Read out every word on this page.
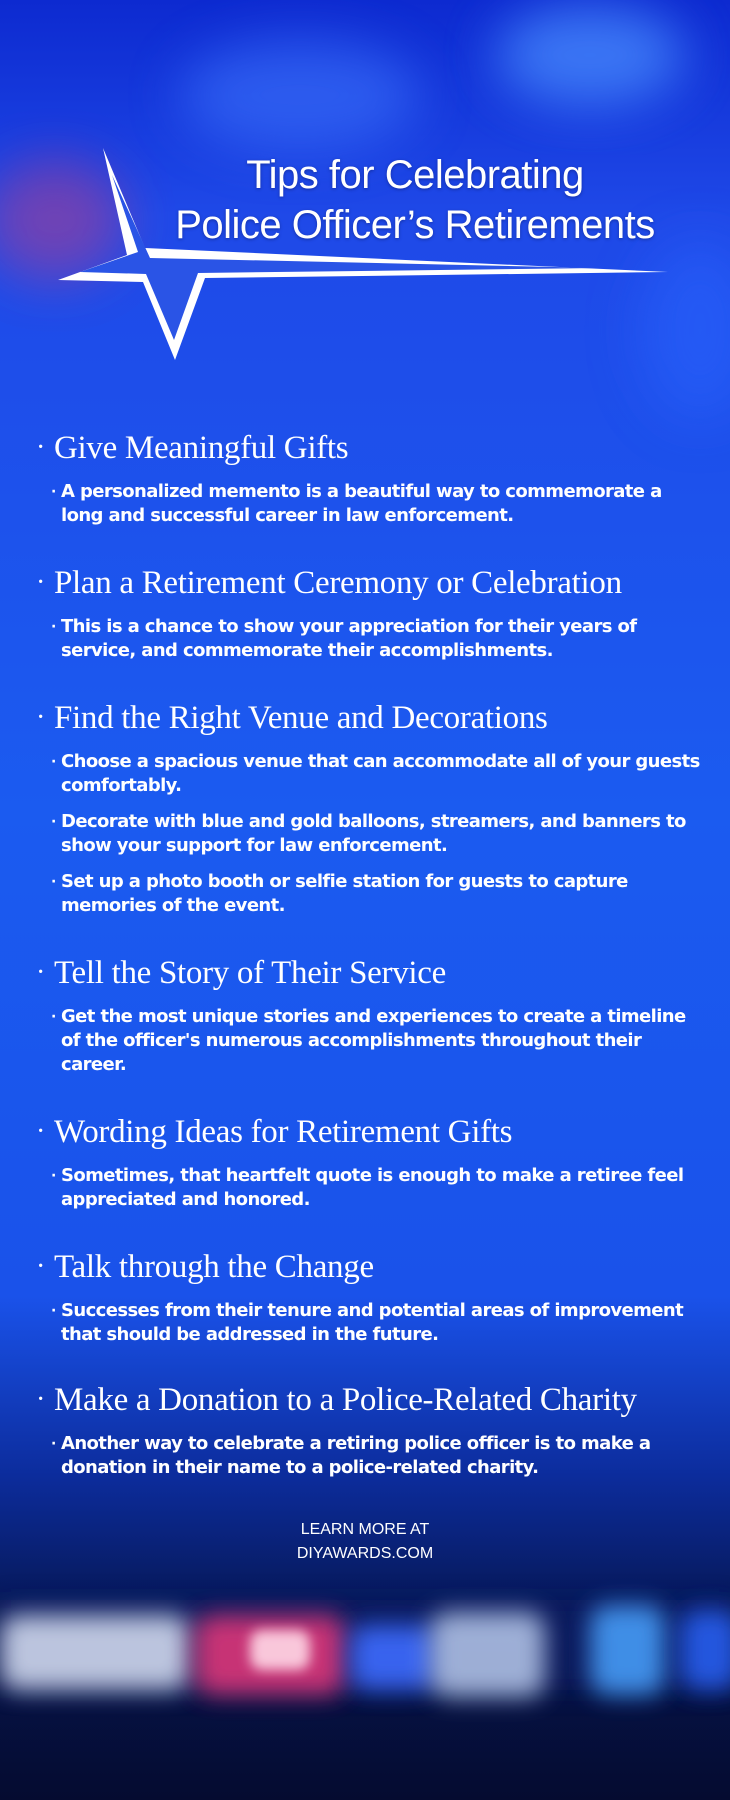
Tips for Celebrating
Police Officer’s Retirements
· Give Meaningful Gifts
· A personalized memento is a beautiful way to commemorate a long and successful career in law enforcement.
· Plan a Retirement Ceremony or Celebration
· This is a chance to show your appreciation for their years of service, and commemorate their accomplishments.
· Find the Right Venue and Decorations
· Choose a spacious venue that can accommodate all of your guests comfortably.
· Decorate with blue and gold balloons, streamers, and banners to show your support for law enforcement.
· Set up a photo booth or selfie station for guests to capture memories of the event.
· Tell the Story of Their Service
· Get the most unique stories and experiences to create a timeline of the officer's numerous accomplishments throughout their career.
· Wording Ideas for Retirement Gifts
· Sometimes, that heartfelt quote is enough to make a retiree feel appreciated and honored.
· Talk through the Change
· Successes from their tenure and potential areas of improvement that should be addressed in the future.
· Make a Donation to a Police-Related Charity
· Another way to celebrate a retiring police officer is to make a donation in their name to a police-related charity.
LEARN MORE AT
DIYAWARDS.COM
